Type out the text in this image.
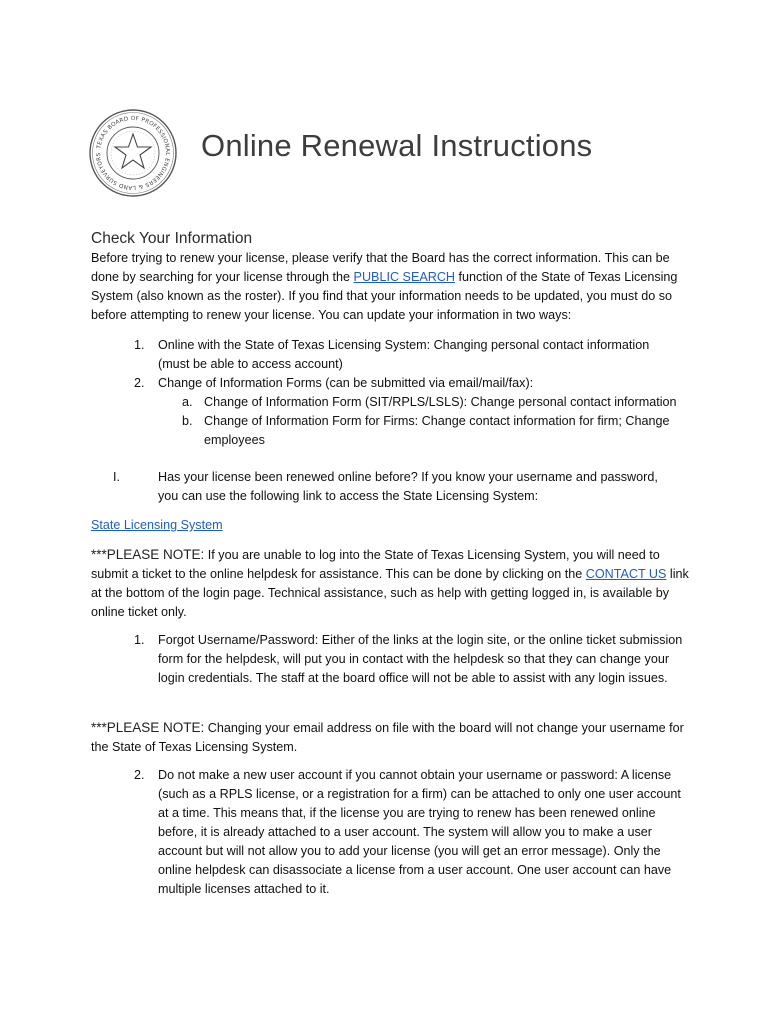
TEXAS BOARD OF PROFESSIONAL ENGINEERS & LAND SURVEYORS	Online Renewal Instructions
Check Your Information

Before trying to renew your license, please verify that the Board has the correct information. This can be done by searching for your license through the PUBLIC SEARCH function of the State of Texas Licensing System (also known as the roster). If you find that your information needs to be updated, you must do so before attempting to renew your license. You can update your information in two ways:

1. Online with the State of Texas Licensing System: Changing personal contact information (must be able to access account)

2. Change of Information Forms (can be submitted via email/mail/fax):

a. Change of Information Form (SIT/RPLS/LSLS): Change personal contact information

b. Change of Information Form for Firms: Change contact information for firm; Change employees

I.	Has your license been renewed online before? If you know your username and password, you can use the following link to access the State Licensing System:

State Licensing System

***PLEASE NOTE: If you are unable to log into the State of Texas Licensing System, you will need to submit a ticket to the online helpdesk for assistance. This can be done by clicking on the CONTACT US link at the bottom of the login page. Technical assistance, such as help with getting logged in, is available by online ticket only.

1. Forgot Username/Password: Either of the links at the login site, or the online ticket submission form for the helpdesk, will put you in contact with the helpdesk so that they can change your login credentials. The staff at the board office will not be able to assist with any login issues.

***PLEASE NOTE: Changing your email address on file with the board will not change your username for the State of Texas Licensing System.

2. Do not make a new user account if you cannot obtain your username or password: A license (such as a RPLS license, or a registration for a firm) can be attached to only one user account at a time. This means that, if the license you are trying to renew has been renewed online before, it is already attached to a user account. The system will allow you to make a user account but will not allow you to add your license (you will get an error message). Only the online helpdesk can disassociate a license from a user account. One user account can have multiple licenses attached to it.
